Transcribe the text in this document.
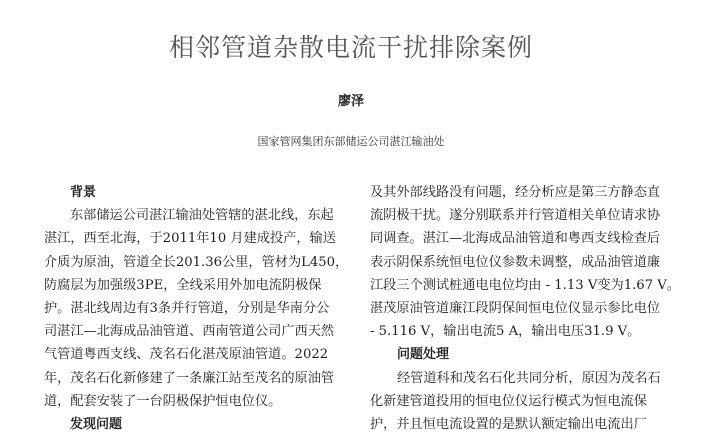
相邻管道杂散电流干扰排除案例
廖泽
国家管网集团东部储运公司湛江输油处
背景
东部储运公司湛江输油处管辖的湛北线，东起
湛江，西至北海，于2011年10 月建成投产，输送
介质为原油，管道全长201.36公里，管材为L450，
防腐层为加强级3PE，全线采用外加电流阴极保
护。湛北线周边有3条并行管道，分别是华南分公
司湛江—北海成品油管道、西南管道公司广西天然
气管道粤西支线、茂名石化湛茂原油管道。2022
年，茂名石化新修建了一条廉江站至茂名的原油管
道，配套安装了一台阴极保护恒电位仪。
发现问题
及其外部线路没有问题，经分析应是第三方静态直
流阴极干扰。遂分别联系并行管道相关单位请求协
同调查。湛江—北海成品油管道和粤西支线检查后
表示阴保系统恒电位仪参数未调整，成品油管道廉
江段三个测试桩通电电位均由 - 1.13 V变为1.67 V。
湛茂原油管道廉江段阴保间恒电位仪显示参比电位
- 5.116 V，输出电流5 A，输出电压31.9 V。
问题处理
经管道科和茂名石化共同分析，原因为茂名石
化新建管道投用的恒电位仪运行模式为恒电流保
护，并且恒电流设置的是默认额定输出电流出厂
